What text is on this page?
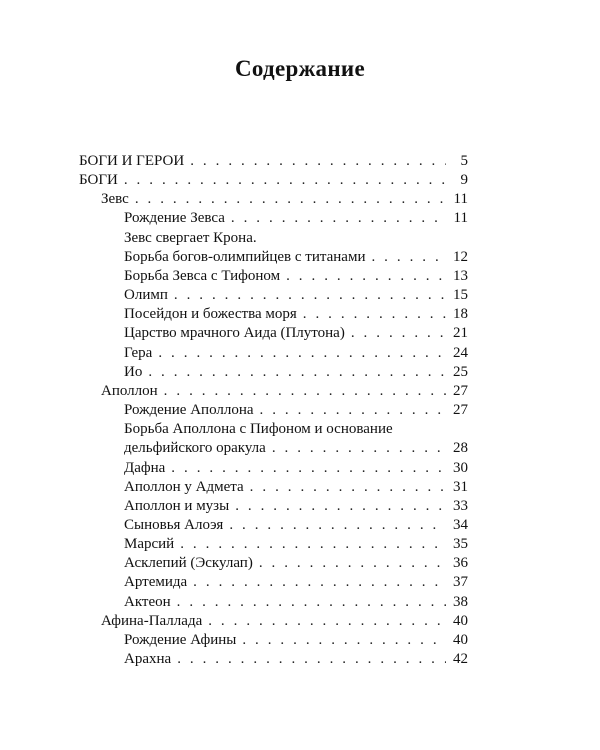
Содержание
БОГИ И ГЕРОИ . . .	5
БОГИ . . .	9
Зевс . . .	11
Рождение Зевса . . .	11
Зевс свергает Крона.
Борьба богов-олимпийцев с титанами . . .	12
Борьба Зевса с Тифоном . . .	13
Олимп . . .	15
Посейдон и божества моря . . .	18
Царство мрачного Аида (Плутона) . . .	21
Гера . . .	24
Ио . . .	25
Аполлон . . .	27
Рождение Аполлона . . .	27
Борьба Аполлона с Пифоном и основание
дельфийского оракула . . .	28
Дафна . . .	30
Аполлон у Адмета . . .	31
Аполлон и музы . . .	33
Сыновья Алоэя . . .	34
Марсий . . .	35
Асклепий (Эскулап) . . .	36
Артемида . . .	37
Актеон . . .	38
Афина-Паллада . . .	40
Рождение Афины . . .	40
Арахна . . .	42
